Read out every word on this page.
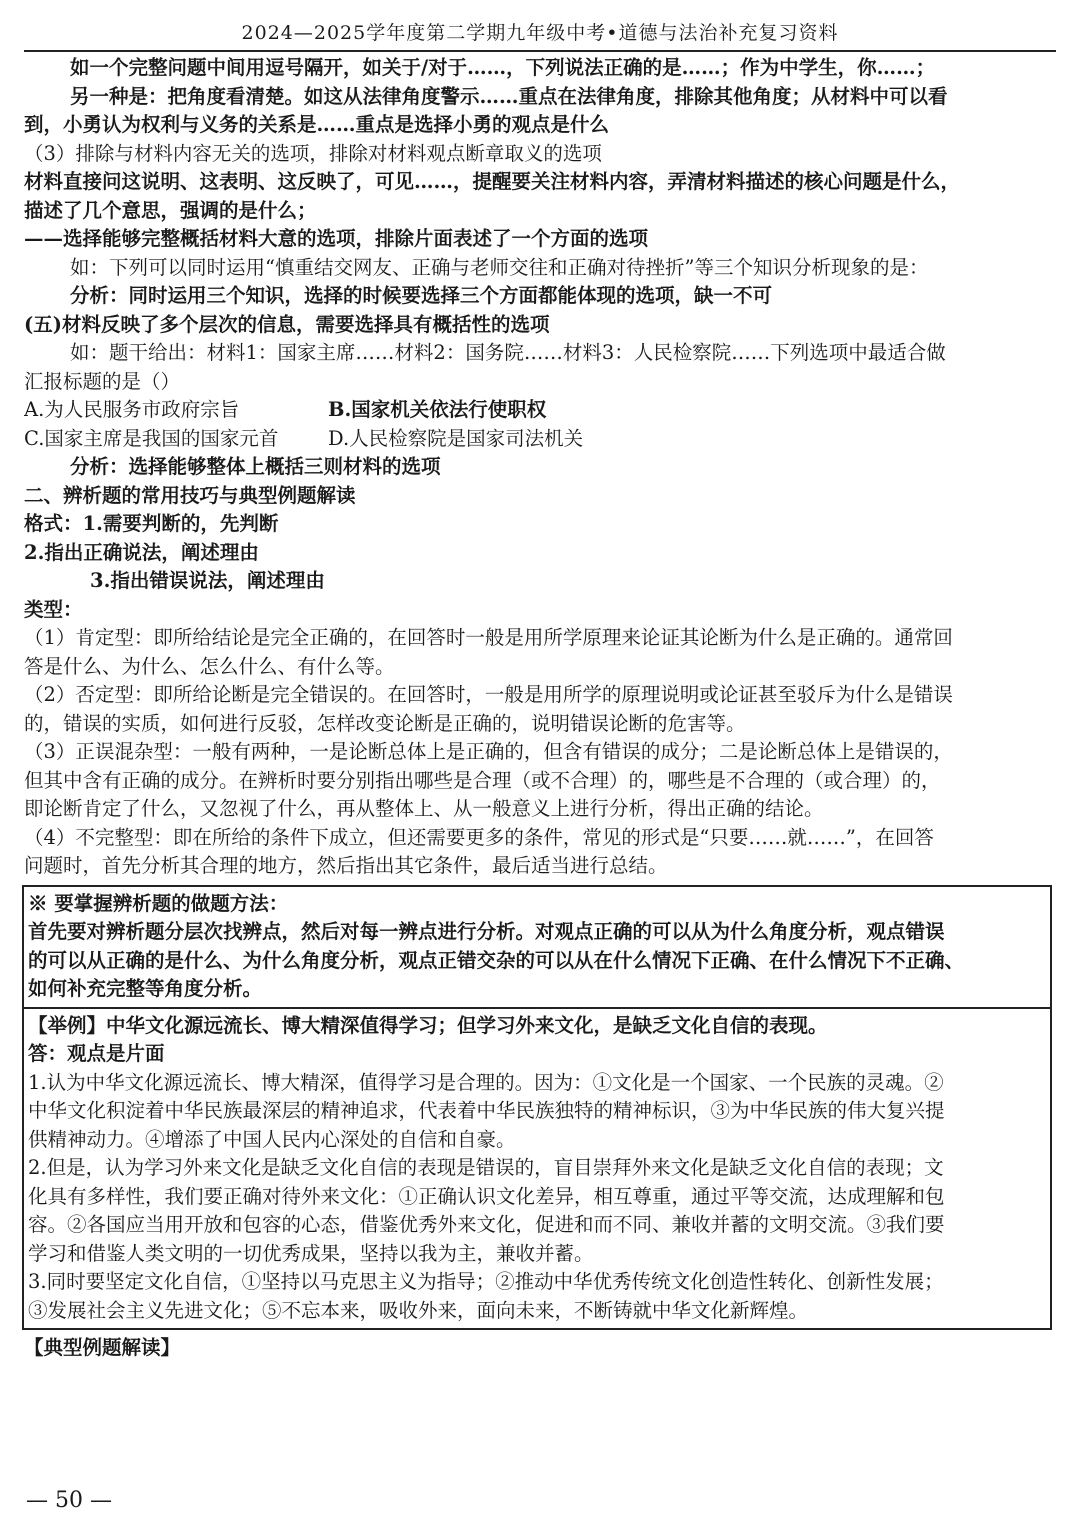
2024—2025学年度第二学期九年级中考•道德与法治补充复习资料
如一个完整问题中间用逗号隔开，如关于/对于……，下列说法正确的是……；作为中学生，你……；
另一种是：把角度看清楚。如这从法律角度警示……重点在法律角度，排除其他角度；从材料中可以看
到，小勇认为权利与义务的关系是……重点是选择小勇的观点是什么
（3）排除与材料内容无关的选项，排除对材料观点断章取义的选项
材料直接问这说明、这表明、这反映了，可见……，提醒要关注材料内容，弄清材料描述的核心问题是什么，
描述了几个意思，强调的是什么；
——选择能够完整概括材料大意的选项，排除片面表述了一个方面的选项
如：下列可以同时运用“慎重结交网友、正确与老师交往和正确对待挫折”等三个知识分析现象的是：
分析：同时运用三个知识，选择的时候要选择三个方面都能体现的选项，缺一不可
(五)材料反映了多个层次的信息，需要选择具有概括性的选项
如：题干给出：材料1：国家主席……材料2：国务院……材料3：人民检察院……下列选项中最适合做
汇报标题的是（）
A.为人民服务市政府宗旨	B.国家机关依法行使职权
C.国家主席是我国的国家元首	D.人民检察院是国家司法机关
分析：选择能够整体上概括三则材料的选项
二、辨析题的常用技巧与典型例题解读
格式：1.需要判断的，先判断
2.指出正确说法，阐述理由
3.指出错误说法，阐述理由
类型：
（1）肯定型：即所给结论是完全正确的，在回答时一般是用所学原理来论证其论断为什么是正确的。通常回
答是什么、为什么、怎么什么、有什么等。
（2）否定型：即所给论断是完全错误的。在回答时，一般是用所学的原理说明或论证甚至驳斥为什么是错误
的，错误的实质，如何进行反驳，怎样改变论断是正确的，说明错误论断的危害等。
（3）正误混杂型：一般有两种，一是论断总体上是正确的，但含有错误的成分；二是论断总体上是错误的，
但其中含有正确的成分。在辨析时要分别指出哪些是合理（或不合理）的，哪些是不合理的（或合理）的，
即论断肯定了什么，又忽视了什么，再从整体上、从一般意义上进行分析，得出正确的结论。
（4）不完整型：即在所给的条件下成立，但还需要更多的条件，常见的形式是“只要……就……”，在回答
问题时，首先分析其合理的地方，然后指出其它条件，最后适当进行总结。
※ 要掌握辨析题的做题方法：
首先要对辨析题分层次找辨点，然后对每一辨点进行分析。对观点正确的可以从为什么角度分析，观点错误
的可以从正确的是什么、为什么角度分析，观点正错交杂的可以从在什么情况下正确、在什么情况下不正确、
如何补充完整等角度分析。
【举例】中华文化源远流长、博大精深值得学习；但学习外来文化，是缺乏文化自信的表现。
答：观点是片面
1.认为中华文化源远流长、博大精深，值得学习是合理的。因为：①文化是一个国家、一个民族的灵魂。②
中华文化积淀着中华民族最深层的精神追求，代表着中华民族独特的精神标识，③为中华民族的伟大复兴提
供精神动力。④增添了中国人民内心深处的自信和自豪。
2.但是，认为学习外来文化是缺乏文化自信的表现是错误的，盲目崇拜外来文化是缺乏文化自信的表现；文
化具有多样性，我们要正确对待外来文化：①正确认识文化差异，相互尊重，通过平等交流，达成理解和包
容。②各国应当用开放和包容的心态，借鉴优秀外来文化，促进和而不同、兼收并蓄的文明交流。③我们要
学习和借鉴人类文明的一切优秀成果，坚持以我为主，兼收并蓄。
3.同时要坚定文化自信，①坚持以马克思主义为指导；②推动中华优秀传统文化创造性转化、创新性发展；
③发展社会主义先进文化；⑤不忘本来，吸收外来，面向未来，不断铸就中华文化新辉煌。
【典型例题解读】
— 50 —
